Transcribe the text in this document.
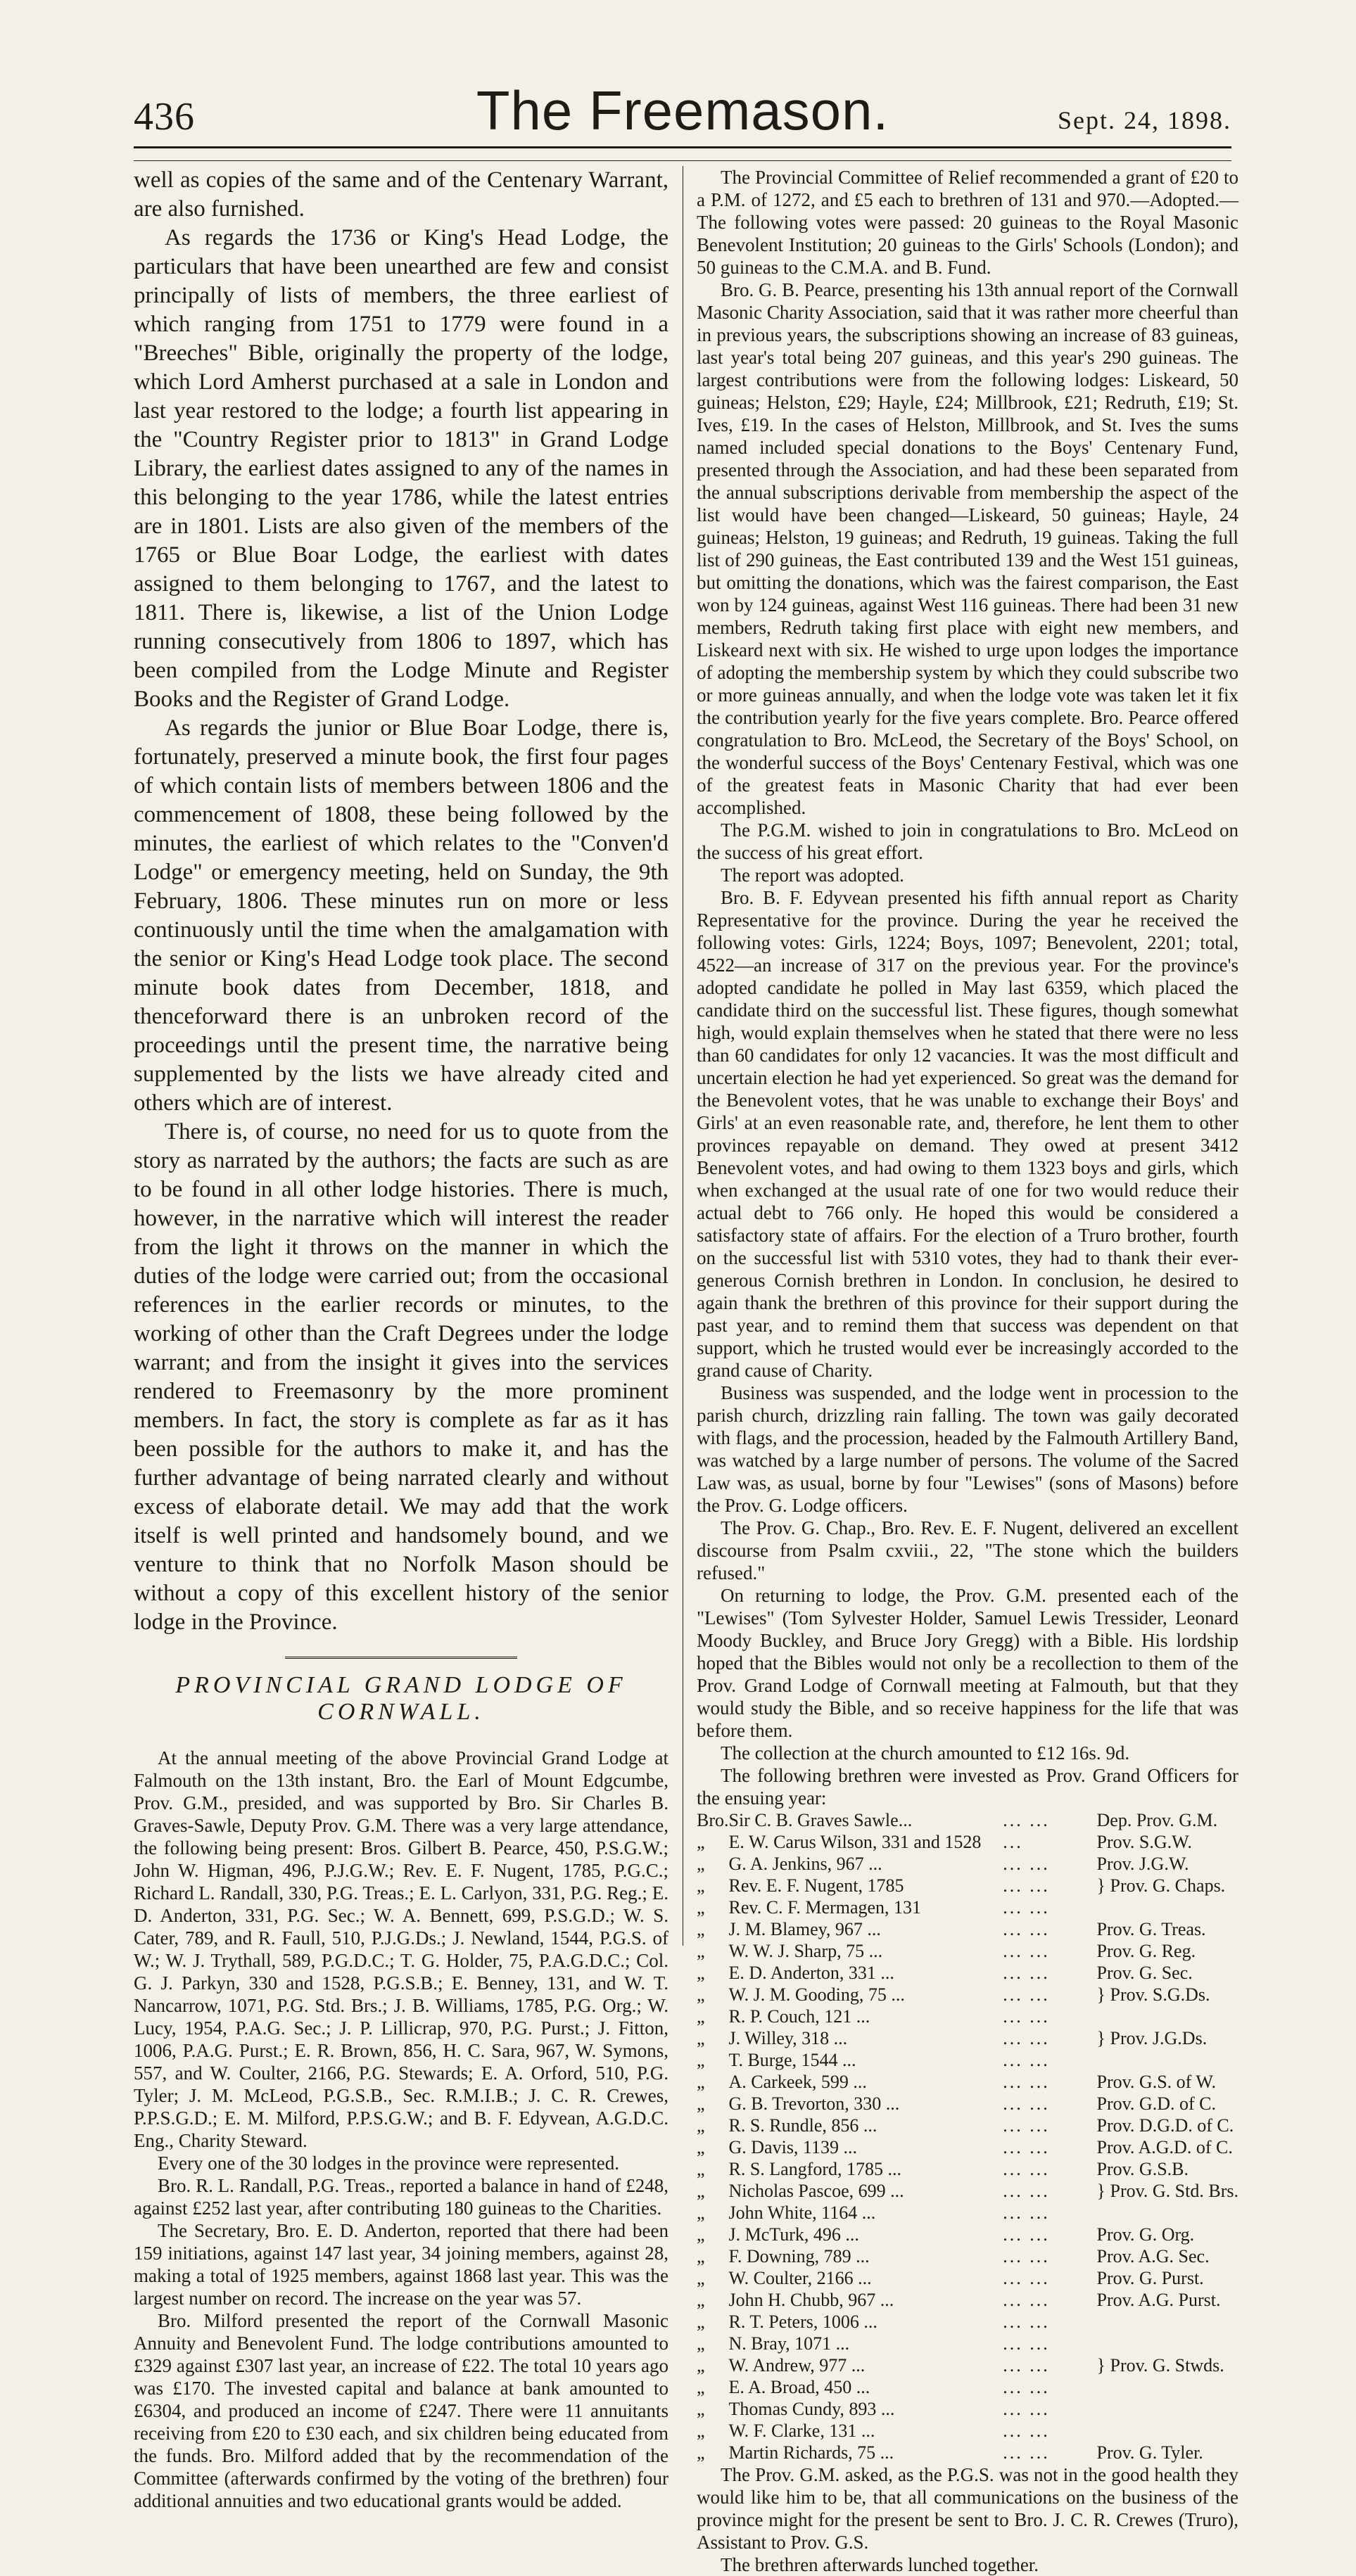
436	The Freemason.	Sept. 24, 1898.

well as copies of the same and of the Centenary Warrant, are also furnished.

As regards the 1736 or King's Head Lodge, the particulars that have been unearthed are few and consist principally of lists of members, the three earliest of which ranging from 1751 to 1779 were found in a "Breeches" Bible, originally the property of the lodge, which Lord Amherst purchased at a sale in London and last year restored to the lodge; a fourth list appearing in the "Country Register prior to 1813" in Grand Lodge Library, the earliest dates assigned to any of the names in this belonging to the year 1786, while the latest entries are in 1801. Lists are also given of the members of the 1765 or Blue Boar Lodge, the earliest with dates assigned to them belonging to 1767, and the latest to 1811. There is, likewise, a list of the Union Lodge running consecutively from 1806 to 1897, which has been compiled from the Lodge Minute and Register Books and the Register of Grand Lodge.

As regards the junior or Blue Boar Lodge, there is, fortunately, preserved a minute book, the first four pages of which contain lists of members between 1806 and the commencement of 1808, these being followed by the minutes, the earliest of which relates to the "Conven'd Lodge" or emergency meeting, held on Sunday, the 9th February, 1806. These minutes run on more or less continuously until the time when the amalgamation with the senior or King's Head Lodge took place. The second minute book dates from December, 1818, and thenceforward there is an unbroken record of the proceedings until the present time, the narrative being supplemented by the lists we have already cited and others which are of interest.

There is, of course, no need for us to quote from the story as narrated by the authors; the facts are such as are to be found in all other lodge histories. There is much, however, in the narrative which will interest the reader from the light it throws on the manner in which the duties of the lodge were carried out; from the occasional references in the earlier records or minutes, to the working of other than the Craft Degrees under the lodge warrant; and from the insight it gives into the services rendered to Freemasonry by the more prominent members. In fact, the story is complete as far as it has been possible for the authors to make it, and has the further advantage of being narrated clearly and without excess of elaborate detail. We may add that the work itself is well printed and handsomely bound, and we venture to think that no Norfolk Mason should be without a copy of this excellent history of the senior lodge in the Province.

PROVINCIAL GRAND LODGE OF CORNWALL.

At the annual meeting of the above Provincial Grand Lodge at Falmouth on the 13th instant, Bro. the Earl of Mount Edgcumbe, Prov. G.M., presided, and was supported by Bro. Sir Charles B. Graves-Sawle, Deputy Prov. G.M. There was a very large attendance, the following being present: Bros. Gilbert B. Pearce, 450, P.S.G.W.; John W. Higman, 496, P.J.G.W.; Rev. E. F. Nugent, 1785, P.G.C.; Richard L. Randall, 330, P.G. Treas.; E. L. Carlyon, 331, P.G. Reg.; E. D. Anderton, 331, P.G. Sec.; W. A. Bennett, 699, P.S.G.D.; W. S. Cater, 789, and R. Faull, 510, P.J.G.Ds.; J. Newland, 1544, P.G.S. of W.; W. J. Trythall, 589, P.G.D.C.; T. G. Holder, 75, P.A.G.D.C.; Col. G. J. Parkyn, 330 and 1528, P.G.S.B.; E. Benney, 131, and W. T. Nancarrow, 1071, P.G. Std. Brs.; J. B. Williams, 1785, P.G. Org.; W. Lucy, 1954, P.A.G. Sec.; J. P. Lillicrap, 970, P.G. Purst.; J. Fitton, 1006, P.A.G. Purst.; E. R. Brown, 856, H. C. Sara, 967, W. Symons, 557, and W. Coulter, 2166, P.G. Stewards; E. A. Orford, 510, P.G. Tyler; J. M. McLeod, P.G.S.B., Sec. R.M.I.B.; J. C. R. Crewes, P.P.S.G.D.; E. M. Milford, P.P.S.G.W.; and B. F. Edyvean, A.G.D.C. Eng., Charity Steward.

Every one of the 30 lodges in the province were represented.

Bro. R. L. Randall, P.G. Treas., reported a balance in hand of £248, against £252 last year, after contributing 180 guineas to the Charities.

The Secretary, Bro. E. D. Anderton, reported that there had been 159 initiations, against 147 last year, 34 joining members, against 28, making a total of 1925 members, against 1868 last year. This was the largest number on record. The increase on the year was 57.

Bro. Milford presented the report of the Cornwall Masonic Annuity and Benevolent Fund. The lodge contributions amounted to £329 against £307 last year, an increase of £22. The total 10 years ago was £170. The invested capital and balance at bank amounted to £6304, and produced an income of £247. There were 11 annuitants receiving from £20 to £30 each, and six children being educated from the funds. Bro. Milford added that by the recommendation of the Committee (afterwards confirmed by the voting of the brethren) four additional annuities and two educational grants would be added.

The Provincial Committee of Relief recommended a grant of £20 to a P.M. of 1272, and £5 each to brethren of 131 and 970.—Adopted.—The following votes were passed: 20 guineas to the Royal Masonic Benevolent Institution; 20 guineas to the Girls' Schools (London); and 50 guineas to the C.M.A. and B. Fund.

Bro. G. B. Pearce, presenting his 13th annual report of the Cornwall Masonic Charity Association, said that it was rather more cheerful than in previous years, the subscriptions showing an increase of 83 guineas, last year's total being 207 guineas, and this year's 290 guineas. The largest contributions were from the following lodges: Liskeard, 50 guineas; Helston, £29; Hayle, £24; Millbrook, £21; Redruth, £19; St. Ives, £19. In the cases of Helston, Millbrook, and St. Ives the sums named included special donations to the Boys' Centenary Fund, presented through the Association, and had these been separated from the annual subscriptions derivable from membership the aspect of the list would have been changed—Liskeard, 50 guineas; Hayle, 24 guineas; Helston, 19 guineas; and Redruth, 19 guineas. Taking the full list of 290 guineas, the East contributed 139 and the West 151 guineas, but omitting the donations, which was the fairest comparison, the East won by 124 guineas, against West 116 guineas. There had been 31 new members, Redruth taking first place with eight new members, and Liskeard next with six. He wished to urge upon lodges the importance of adopting the membership system by which they could subscribe two or more guineas annually, and when the lodge vote was taken let it fix the contribution yearly for the five years complete. Bro. Pearce offered congratulation to Bro. McLeod, the Secretary of the Boys' School, on the wonderful success of the Boys' Centenary Festival, which was one of the greatest feats in Masonic Charity that had ever been accomplished.

The P.G.M. wished to join in congratulations to Bro. McLeod on the success of his great effort.

The report was adopted.

Bro. B. F. Edyvean presented his fifth annual report as Charity Representative for the province. During the year he received the following votes: Girls, 1224; Boys, 1097; Benevolent, 2201; total, 4522—an increase of 317 on the previous year. For the province's adopted candidate he polled in May last 6359, which placed the candidate third on the successful list. These figures, though somewhat high, would explain themselves when he stated that there were no less than 60 candidates for only 12 vacancies. It was the most difficult and uncertain election he had yet experienced. So great was the demand for the Benevolent votes, that he was unable to exchange their Boys' and Girls' at an even reasonable rate, and, therefore, he lent them to other provinces repayable on demand. They owed at present 3412 Benevolent votes, and had owing to them 1323 boys and girls, which when exchanged at the usual rate of one for two would reduce their actual debt to 766 only. He hoped this would be considered a satisfactory state of affairs. For the election of a Truro brother, fourth on the successful list with 5310 votes, they had to thank their ever-generous Cornish brethren in London. In conclusion, he desired to again thank the brethren of this province for their support during the past year, and to remind them that success was dependent on that support, which he trusted would ever be increasingly accorded to the grand cause of Charity.

Business was suspended, and the lodge went in procession to the parish church, drizzling rain falling. The town was gaily decorated with flags, and the procession, headed by the Falmouth Artillery Band, was watched by a large number of persons. The volume of the Sacred Law was, as usual, borne by four "Lewises" (sons of Masons) before the Prov. G. Lodge officers.

The Prov. G. Chap., Bro. Rev. E. F. Nugent, delivered an excellent discourse from Psalm cxviii., 22, "The stone which the builders refused."

On returning to lodge, the Prov. G.M. presented each of the "Lewises" (Tom Sylvester Holder, Samuel Lewis Tressider, Leonard Moody Buckley, and Bruce Jory Gregg) with a Bible. His lordship hoped that the Bibles would not only be a recollection to them of the Prov. Grand Lodge of Cornwall meeting at Falmouth, but that they would study the Bible, and so receive happiness for the life that was before them.

The collection at the church amounted to £12 16s. 9d.

The following brethren were invested as Prov. Grand Officers for the ensuing year:

Bro.	Sir C. B. Graves Sawle...	... ...	Dep. Prov. G.M.
„	E. W. Carus Wilson, 331 and 1528	...	Prov. S.G.W.
„	G. A. Jenkins, 967 ...	... ...	Prov. J.G.W.
„	Rev. E. F. Nugent, 1785	... ...	} Prov. G. Chaps.
„	Rev. C. F. Mermagen, 131	... ...	
„	J. M. Blamey, 967 ...	... ...	Prov. G. Treas.
„	W. W. J. Sharp, 75 ...	... ...	Prov. G. Reg.
„	E. D. Anderton, 331 ...	... ...	Prov. G. Sec.
„	W. J. M. Gooding, 75 ...	... ...	} Prov. S.G.Ds.
„	R. P. Couch, 121 ...	... ...	
„	J. Willey, 318 ...	... ...	} Prov. J.G.Ds.
„	T. Burge, 1544 ...	... ...	
„	A. Carkeek, 599 ...	... ...	Prov. G.S. of W.
„	G. B. Trevorton, 330 ...	... ...	Prov. G.D. of C.
„	R. S. Rundle, 856 ...	... ...	Prov. D.G.D. of C.
„	G. Davis, 1139 ...	... ...	Prov. A.G.D. of C.
„	R. S. Langford, 1785 ...	... ...	Prov. G.S.B.
„	Nicholas Pascoe, 699 ...	... ...	} Prov. G. Std. Brs.
„	John White, 1164 ...	... ...	
„	J. McTurk, 496 ...	... ...	Prov. G. Org.
„	F. Downing, 789 ...	... ...	Prov. A.G. Sec.
„	W. Coulter, 2166 ...	... ...	Prov. G. Purst.
„	John H. Chubb, 967 ...	... ...	Prov. A.G. Purst.
„	R. T. Peters, 1006 ...	... ...	
„	N. Bray, 1071 ...	... ...	
„	W. Andrew, 977 ...	... ...	} Prov. G. Stwds.
„	E. A. Broad, 450 ...	... ...	
„	Thomas Cundy, 893 ...	... ...	
„	W. F. Clarke, 131 ...	... ...	
„	Martin Richards, 75 ...	... ...	Prov. G. Tyler.

The Prov. G.M. asked, as the P.G.S. was not in the good health they would like him to be, that all communications on the business of the province might for the present be sent to Bro. J. C. R. Crewes (Truro), Assistant to Prov. G.S.

The brethren afterwards lunched together.
